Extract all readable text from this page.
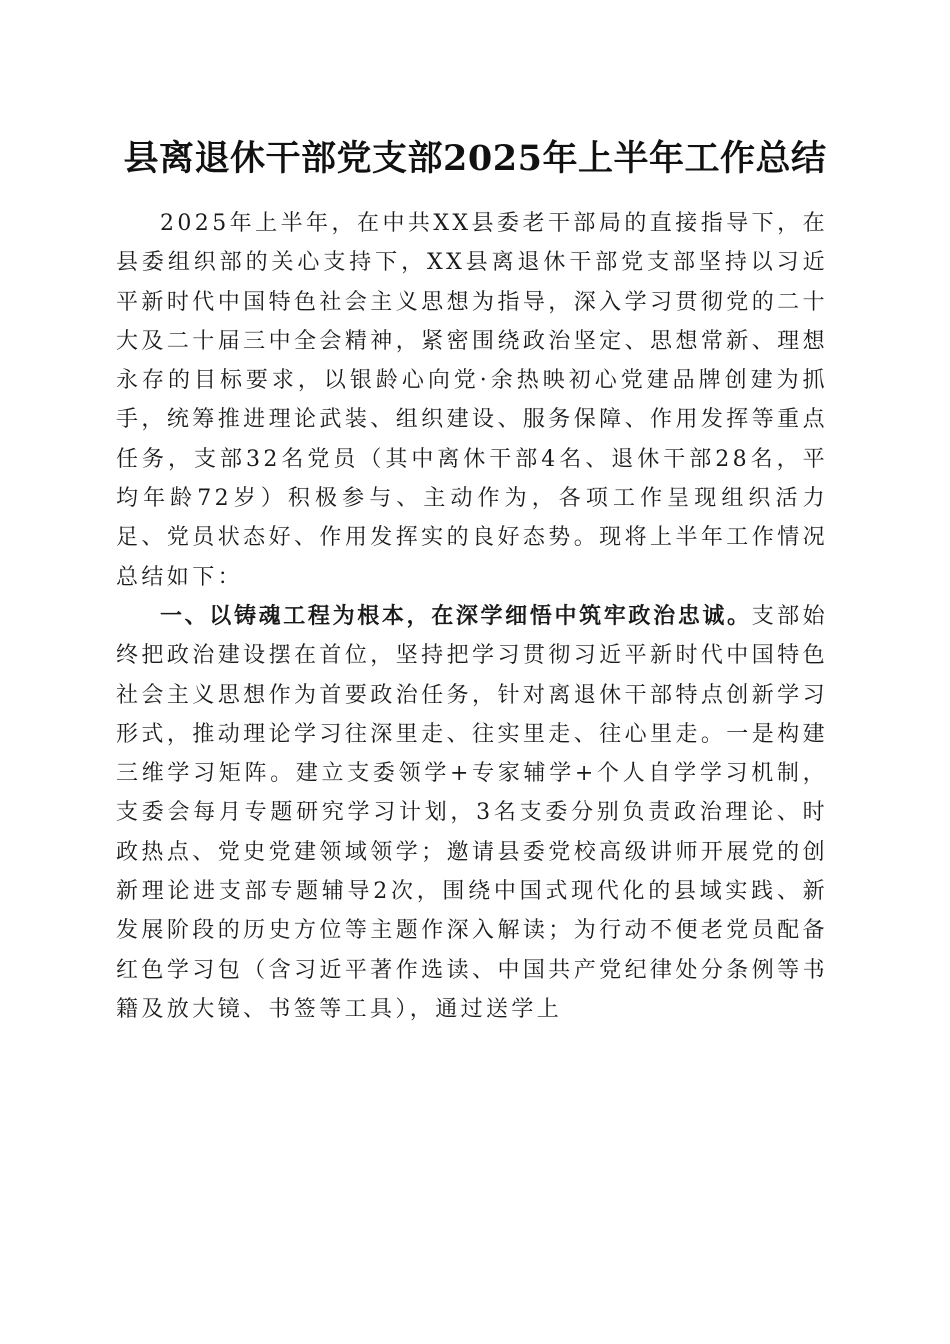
县离退休干部党支部2025年上半年工作总结

2025年上半年，在中共XX县委老干部局的直接指导下，在县委组织部的关心支持下，XX县离退休干部党支部坚持以习近平新时代中国特色社会主义思想为指导，深入学习贯彻党的二十大及二十届三中全会精神，紧密围绕政治坚定、思想常新、理想永存的目标要求，以银龄心向党·余热映初心党建品牌创建为抓手，统筹推进理论武装、组织建设、服务保障、作用发挥等重点任务，支部32名党员（其中离休干部4名、退休干部28名，平均年龄72岁）积极参与、主动作为，各项工作呈现组织活力足、党员状态好、作用发挥实的良好态势。现将上半年工作情况总结如下：

一、以铸魂工程为根本，在深学细悟中筑牢政治忠诚。支部始终把政治建设摆在首位，坚持把学习贯彻习近平新时代中国特色社会主义思想作为首要政治任务，针对离退休干部特点创新学习形式，推动理论学习往深里走、往实里走、往心里走。一是构建三维学习矩阵。建立支委领学+专家辅学+个人自学学习机制，支委会每月专题研究学习计划，3名支委分别负责政治理论、时政热点、党史党建领域领学；邀请县委党校高级讲师开展党的创新理论进支部专题辅导2次，围绕中国式现代化的县域实践、新发展阶段的历史方位等主题作深入解读；为行动不便老党员配备红色学习包（含习近平著作选读、中国共产党纪律处分条例等书籍及放大镜、书签等工具），通过送学上
